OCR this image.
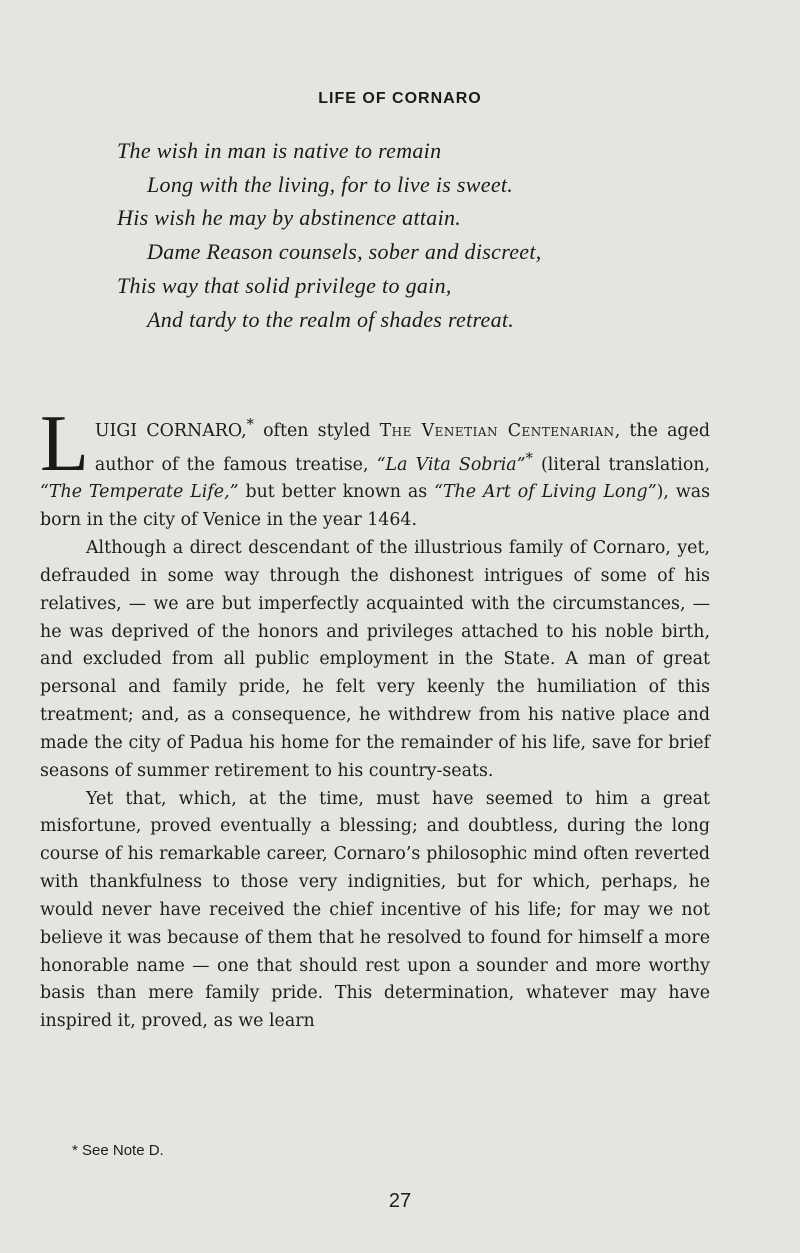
LIFE OF CORNARO
The wish in man is native to remain
Long with the living, for to live is sweet.
His wish he may by abstinence attain.
Dame Reason counsels, sober and discreet,
This way that solid privilege to gain,
And tardy to the realm of shades retreat.

LUIGI CORNARO,* often styled The Venetian Centenarian, the aged author of the famous treatise, “La Vita Sobria”* (literal translation, “The Temperate Life,” but better known as “The Art of Living Long”), was born in the city of Venice in the year 1464.

Although a direct descendant of the illustrious family of Cornaro, yet, defrauded in some way through the dishonest intrigues of some of his relatives, — we are but imperfectly acquainted with the circumstances, — he was deprived of the honors and privileges attached to his noble birth, and excluded from all public employment in the State. A man of great personal and family pride, he felt very keenly the humiliation of this treatment; and, as a consequence, he withdrew from his native place and made the city of Padua his home for the remainder of his life, save for brief seasons of summer retirement to his country-seats.

Yet that, which, at the time, must have seemed to him a great misfortune, proved eventually a blessing; and doubtless, during the long course of his remarkable career, Cornaro’s philosophic mind often reverted with thankfulness to those very indignities, but for which, perhaps, he would never have received the chief incentive of his life; for may we not believe it was because of them that he resolved to found for himself a more honorable name — one that should rest upon a sounder and more worthy basis than mere family pride. This determination, whatever may have inspired it, proved, as we learn

* See Note D.
27
